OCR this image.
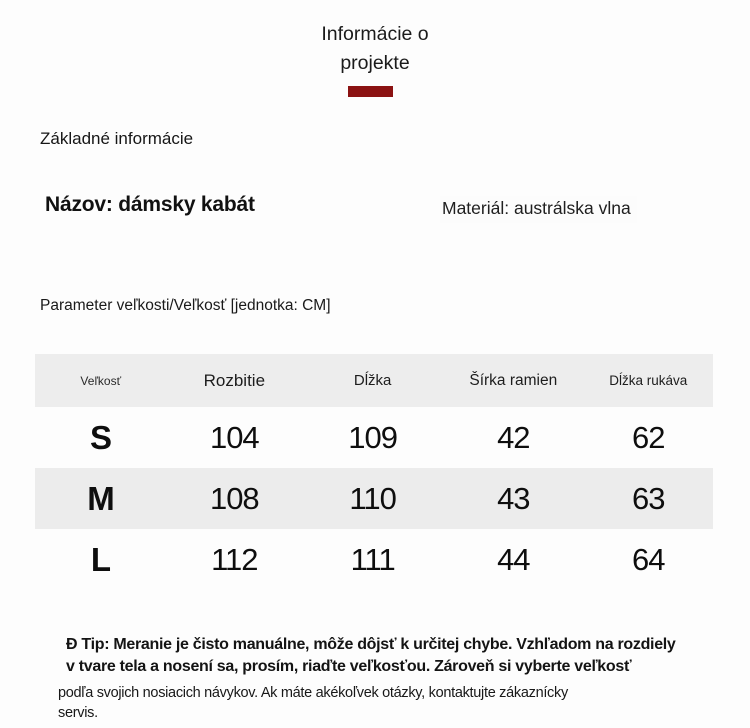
Informácie o
projekte
Základné informácie
Názov: dámsky kabát	Materiál: austrálska vlna
Parameter veľkosti/Veľkosť [jednotka: CM]
Veľkosť	Rozbitie	Dĺžka	Šírka ramien	Dĺžka rukáva
S	104	109	42	62
M	108	110	43	63
L	112	111	44	64
Đ Tip: Meranie je čisto manuálne, môže dôjsť k určitej chybe. Vzhľadom na rozdiely
v tvare tela a nosení sa, prosím, riaďte veľkosťou. Zároveň si vyberte veľkosť
podľa svojich nosiacich návykov. Ak máte akékoľvek otázky, kontaktujte zákaznícky
servis.
